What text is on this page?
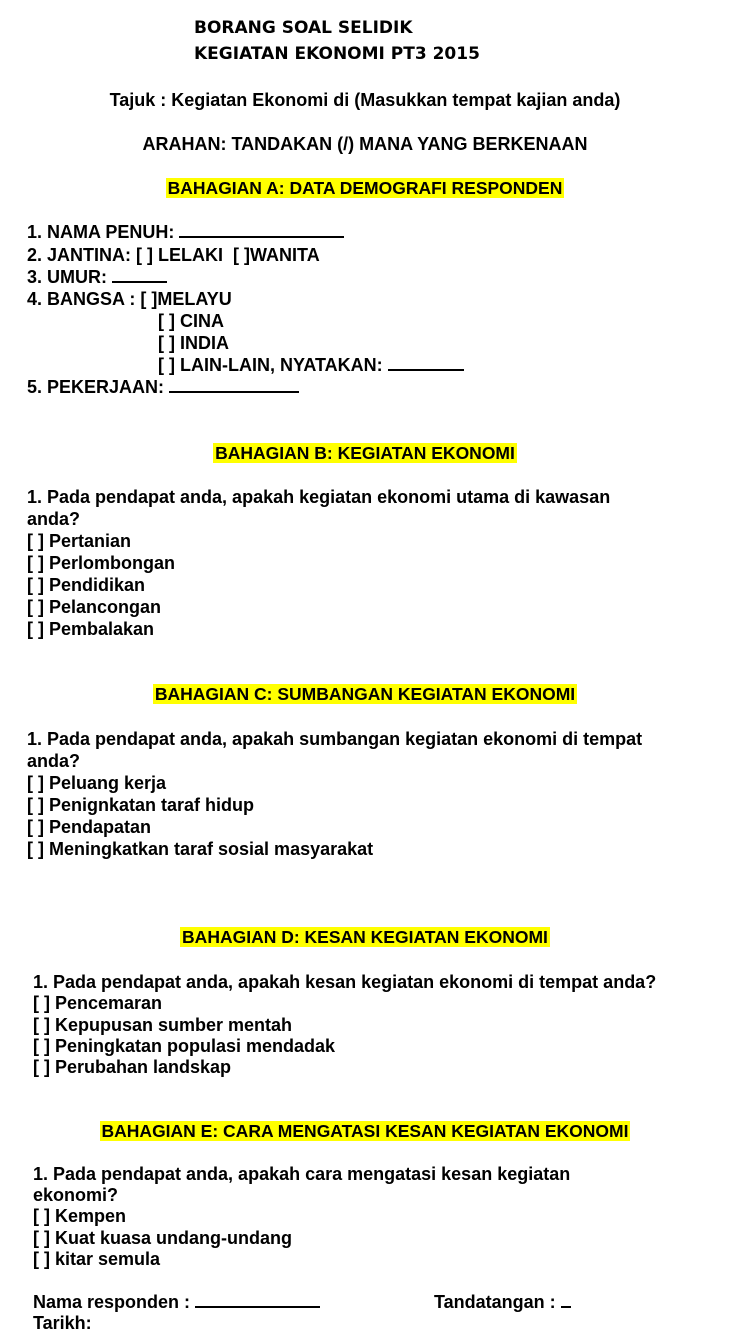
BORANG SOAL SELIDIK
KEGIATAN EKONOMI PT3 2015
Tajuk : Kegiatan Ekonomi di (Masukkan tempat kajian anda)
ARAHAN: TANDAKAN (/) MANA YANG BERKENAAN
BAHAGIAN A: DATA DEMOGRAFI RESPONDEN
1. NAMA PENUH:
2. JANTINA: [ ] LELAKI [ ]WANITA
3. UMUR:
4. BANGSA : [ ]MELAYU
[ ] CINA
[ ] INDIA
[ ] LAIN-LAIN, NYATAKAN:
5. PEKERJAAN:
BAHAGIAN B: KEGIATAN EKONOMI
1. Pada pendapat anda, apakah kegiatan ekonomi utama di kawasan
anda?
[ ] Pertanian
[ ] Perlombongan
[ ] Pendidikan
[ ] Pelancongan
[ ] Pembalakan
BAHAGIAN C: SUMBANGAN KEGIATAN EKONOMI
1. Pada pendapat anda, apakah sumbangan kegiatan ekonomi di tempat
anda?
[ ] Peluang kerja
[ ] Penignkatan taraf hidup
[ ] Pendapatan
[ ] Meningkatkan taraf sosial masyarakat
BAHAGIAN D: KESAN KEGIATAN EKONOMI
1. Pada pendapat anda, apakah kesan kegiatan ekonomi di tempat anda?
[ ] Pencemaran
[ ] Kepupusan sumber mentah
[ ] Peningkatan populasi mendadak
[ ] Perubahan landskap
BAHAGIAN E: CARA MENGATASI KESAN KEGIATAN EKONOMI
1. Pada pendapat anda, apakah cara mengatasi kesan kegiatan
ekonomi?
[ ] Kempen
[ ] Kuat kuasa undang-undang
[ ] kitar semula
Nama responden :	Tandatangan :
Tarikh:
